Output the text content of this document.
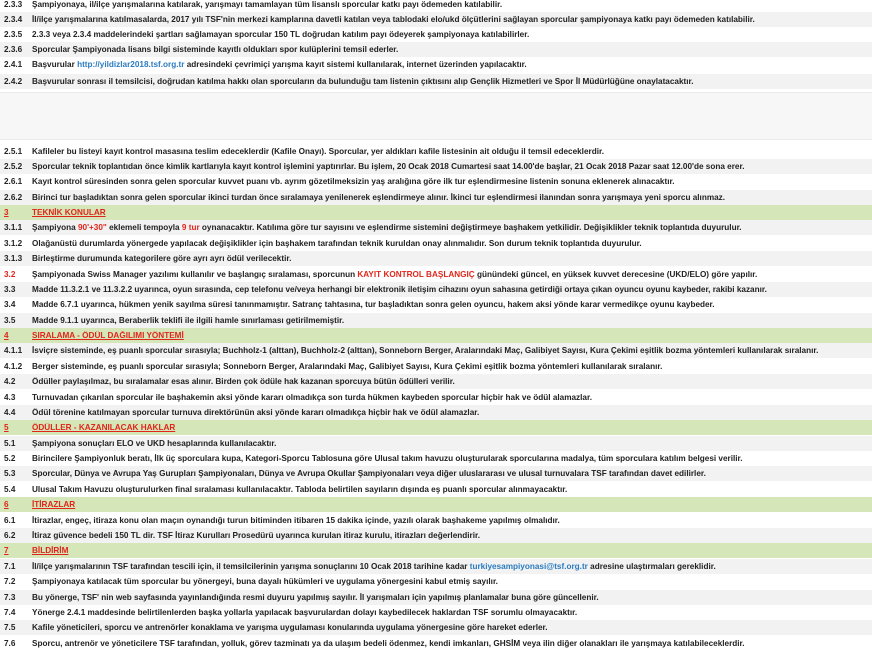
2.3.3	Şampiyonaya, il/ilçe yarışmalarına katılarak, yarışmayı tamamlayan tüm lisanslı sporcular katkı payı ödemeden katılabilir.
2.3.4	İl/ilçe yarışmalarına katılmasalarda, 2017 yılı TSF'nin merkezi kamplarına davetli katılan veya tablodaki elo/ukd ölçütlerini sağlayan sporcular şampiyonaya katkı payı ödemeden katılabilir.
2.3.5	2.3.3 veya 2.3.4 maddelerindeki şartları sağlamayan sporcular 150 TL doğrudan katılım payı ödeyerek şampiyonaya katılabilirler.
2.3.6	Sporcular Şampiyonada lisans bilgi sisteminde kayıtlı oldukları spor kulüplerini temsil ederler.
2.4.1	Başvurular http://yildizlar2018.tsf.org.tr adresindeki çevrimiçi yarışma kayıt sistemi kullanılarak, internet üzerinden yapılacaktır.
2.4.2	Başvurular sonrası il temsilcisi, doğrudan katılma hakkı olan sporcuların da bulunduğu tam listenin çıktısını alıp Gençlik Hizmetleri ve Spor İl Müdürlüğüne onaylatacaktır.
2.5.1	Kafileler bu listeyi kayıt kontrol masasına teslim edeceklerdir (Kafile Onayı). Sporcular, yer aldıkları kafile listesinin ait olduğu il temsil edeceklerdir.
2.5.2	Sporcular teknik toplantıdan önce kimlik kartlarıyla kayıt kontrol işlemini yaptırırlar. Bu işlem, 20 Ocak 2018 Cumartesi saat 14.00'de başlar, 21 Ocak 2018 Pazar saat 12.00'de sona erer.
2.6.1	Kayıt kontrol süresinden sonra gelen sporcular kuvvet puanı vb. ayrım gözetilmeksizin yaş aralığına göre ilk tur eşlendirmesine listenin sonuna eklenerek alınacaktır.
2.6.2	Birinci tur başladıktan sonra gelen sporcular ikinci turdan önce sıralamaya yenilenerek eşlendirmeye alınır. İkinci tur eşlendirmesi ilanından sonra yarışmaya yeni sporcu alınmaz.
3	TEKNİK KONULAR
3.1.1	Şampiyona 90'+30" eklemeli tempoyla 9 tur oynanacaktır. Katılıma göre tur sayısını ve eşlendirme sistemini değiştirmeye başhakem yetkilidir. Değişiklikler teknik toplantıda duyurulur.
3.1.2	Olağanüstü durumlarda yönergede yapılacak değişiklikler için başhakem tarafından teknik kuruldan onay alınmalıdır. Son durum teknik toplantıda duyurulur.
3.1.3	Birleştirme durumunda kategorilere göre ayrı ayrı ödül verilecektir.
3.2	Şampiyonada Swiss Manager yazılımı kullanılır ve başlangıç sıralaması, sporcunun KAYIT KONTROL BAŞLANGIÇ günündeki güncel, en yüksek kuvvet derecesine (UKD/ELO) göre yapılır.
3.3	Madde 11.3.2.1 ve 11.3.2.2 uyarınca, oyun sırasında, cep telefonu ve/veya herhangi bir elektronik iletişim cihazını oyun sahasına getirdiği ortaya çıkan oyuncu oyunu kaybeder, rakibi kazanır.
3.4	Madde 6.7.1 uyarınca, hükmen yenik sayılma süresi tanınmamıştır. Satranç tahtasına, tur başladıktan sonra gelen oyuncu, hakem aksi yönde karar vermedikçe oyunu kaybeder.
3.5	Madde 9.1.1 uyarınca, Beraberlik teklifi ile ilgili hamle sınırlaması getirilmemiştir.
4	SIRALAMA - ÖDÜL DAĞILIMI YÖNTEMİ
4.1.1	İsviçre sisteminde, eş puanlı sporcular sırasıyla; Buchholz-1 (alttan), Buchholz-2 (alttan), Sonneborn Berger, Aralarındaki Maç, Galibiyet Sayısı, Kura Çekimi eşitlik bozma yöntemleri kullanılarak sıralanır.
4.1.2	Berger sisteminde, eş puanlı sporcular sırasıyla; Sonneborn Berger, Aralarındaki Maç, Galibiyet Sayısı, Kura Çekimi eşitlik bozma yöntemleri kullanılarak sıralanır.
4.2	Ödüller paylaşılmaz, bu sıralamalar esas alınır. Birden çok ödüle hak kazanan sporcuya bütün ödülleri verilir.
4.3	Turnuvadan çıkarılan sporcular ile başhakemin aksi yönde kararı olmadıkça son turda hükmen kaybeden sporcular hiçbir hak ve ödül alamazlar.
4.4	Ödül törenine katılmayan sporcular turnuva direktörünün aksi yönde kararı olmadıkça hiçbir hak ve ödül alamazlar.
5	ÖDÜLLER - KAZANILACAK HAKLAR
5.1	Şampiyona sonuçları ELO ve UKD hesaplarında kullanılacaktır.
5.2	Birincilere Şampiyonluk beratı, İlk üç sporculara kupa, Kategori-Sporcu Tablosuna göre Ulusal takım havuzu oluşturularak sporcularına madalya, tüm sporculara katılım belgesi verilir.
5.3	Sporcular, Dünya ve Avrupa Yaş Gurupları Şampiyonaları, Dünya ve Avrupa Okullar Şampiyonaları veya diğer uluslararası ve ulusal turnuvalara TSF tarafından davet edilirler.
5.4	Ulusal Takım Havuzu oluşturulurken final sıralaması kullanılacaktır. Tabloda belirtilen sayıların dışında eş puanlı sporcular alınmayacaktır.
6	İTİRAZLAR
6.1	İtirazlar, engeç, itiraza konu olan maçın oynandığı turun bitiminden itibaren 15 dakika içinde, yazılı olarak başhakeme yapılmış olmalıdır.
6.2	İtiraz güvence bedeli 150 TL dir. TSF İtiraz Kurulları Prosedürü uyarınca kurulan itiraz kurulu, itirazları değerlendirir.
7	BİLDİRİM
7.1	İl/ilçe yarışmalarının TSF tarafından tescili için, il temsilcilerinin yarışma sonuçlarını 10 Ocak 2018 tarihine kadar turkiyesampiyonasi@tsf.org.tr adresine ulaştırmaları gereklidir.
7.2	Şampiyonaya katılacak tüm sporcular bu yönergeyi, buna dayalı hükümleri ve uygulama yönergesini kabul etmiş sayılır.
7.3	Bu yönerge, TSF' nin web sayfasında yayınlandığında resmi duyuru yapılmış sayılır. İl yarışmaları için yapılmış planlamalar buna göre güncellenir.
7.4	Yönerge 2.4.1 maddesinde belirtilenlerden başka yollarla yapılacak başvurulardan dolayı kaybedilecek haklardan TSF sorumlu olmayacaktır.
7.5	Kafile yöneticileri, sporcu ve antrenörler konaklama ve yarışma uygulaması konularında uygulama yönergesine göre hareket ederler.
7.6	Sporcu, antrenör ve yöneticilere TSF tarafından, yolluk, görev tazminatı ya da ulaşım bedeli ödenmez, kendi imkanları, GHSİM veya ilin diğer olanakları ile yarışmaya katılabileceklerdir.
